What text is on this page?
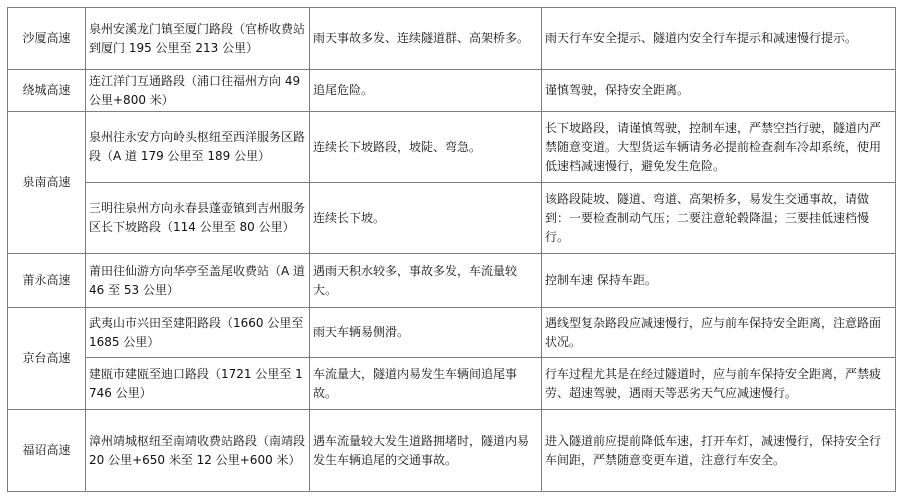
沙厦高速	泉州安溪龙门镇至厦门路段（官桥收费站到厦门 195 公里至 213 公里）	雨天事故多发、连续隧道群、高架桥多。	雨天行车安全提示、隧道内安全行车提示和减速慢行提示。
绕城高速	连江洋门互通路段（浦口往福州方向 49 公里+800 米）	追尾危险。	谨慎驾驶，保持安全距离。
泉南高速	泉州往永安方向岭头枢纽至西洋服务区路段（A 道 179 公里至 189 公里）	连续长下坡路段，坡陡、弯急。	长下坡路段，请谨慎驾驶，控制车速，严禁空挡行驶，隧道内严禁随意变道。大型货运车辆请务必提前检查刹车冷却系统，使用低速档减速慢行，避免发生危险。
	三明往泉州方向永春县蓬壶镇到吉州服务区长下坡路段（114 公里至 80 公里）	连续长下坡。	该路段陡坡、隧道、弯道、高架桥多，易发生交通事故，请做到：一要检查制动气压；二要注意轮毂降温；三要挂低速档慢行。
莆永高速	莆田往仙游方向华亭至盖尾收费站（A 道 46 至 53 公里）	遇雨天积水较多，事故多发，车流量较大。	控制车速 保持车距。
京台高速	武夷山市兴田至建阳路段（1660 公里至 1685 公里）	雨天车辆易侧滑。	遇线型复杂路段应减速慢行，应与前车保持安全距离，注意路面状况。
	建瓯市建瓯至迪口路段（1721 公里至 1746 公里）	车流量大，隧道内易发生车辆间追尾事故。	行车过程尤其是在经过隧道时，应与前车保持安全距离，严禁疲劳、超速驾驶，遇雨天等恶劣天气应减速慢行。
福诏高速	漳州靖城枢纽至南靖收费站路段（南靖段 20 公里+650 米至 12 公里+600 米）	遇车流量较大发生道路拥堵时，隧道内易发生车辆追尾的交通事故。	进入隧道前应提前降低车速，打开车灯，减速慢行，保持安全行车间距，严禁随意变更车道，注意行车安全。
